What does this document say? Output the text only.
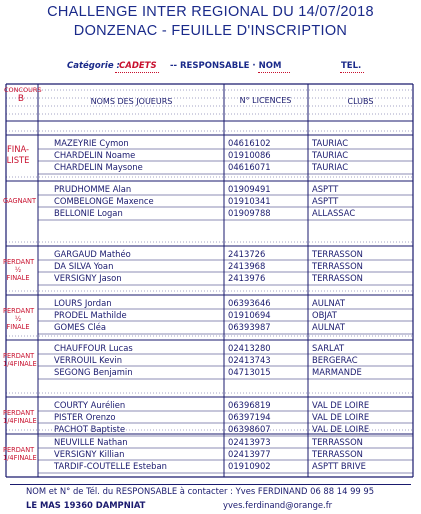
CHALLENGE INTER REGIONAL DU 14/07/2018
DONZENAC - FEUILLE D'INSCRIPTION
Catégorie : CADETS -- RESPONSABLE · NOM	TEL.
CONCOURS
B	NOMS DES JOUEURS	N° LICENCES	CLUBS
FINA-
LISTE
MAZEYRIE Cymon	04616102	TAURIAC
CHARDELIN Noame	01910086	TAURIAC
CHARDELIN Maysone	04616071	TAURIAC
GAGNANT
PRUDHOMME Alan	01909491	ASPTT
COMBELONGE Maxence	01910341	ASPTT
BELLONIE Logan	01909788	ALLASSAC
PERDANT
½ FINALE
GARGAUD Mathéo	2413726	TERRASSON
DA SILVA Yoan	2413968	TERRASSON
VERSIGNY Jason	2413976	TERRASSON
PERDANT
½ FINALE
LOURS Jordan	06393646	AULNAT
PRODEL Mathilde	01910694	OBJAT
GOMES Cléa	06393987	AULNAT
PERDANT
1/4FINALE
CHAUFFOUR Lucas	02413280	SARLAT
VERROUIL Kevin	02413743	BERGERAC
SEGONG Benjamin	04713015	MARMANDE
PERDANT
1/4FINALE
COURTY Aurélien	06396819	VAL DE LOIRE
PISTER Orenzo	06397194	VAL DE LOIRE
PACHOT Baptiste	06398607	VAL DE LOIRE
PERDANT
1/4FINALE
NEUVILLE Nathan	02413973	TERRASSON
VERSIGNY Killian	02413977	TERRASSON
TARDIF-COUTELLE Esteban	01910902	ASPTT BRIVE
NOM et N° de Tél. du RESPONSABLE à contacter : Yves FERDINAND 06 88 14 99 95
LE MAS 19360 DAMPNIAT	yves.ferdinand@orange.fr
